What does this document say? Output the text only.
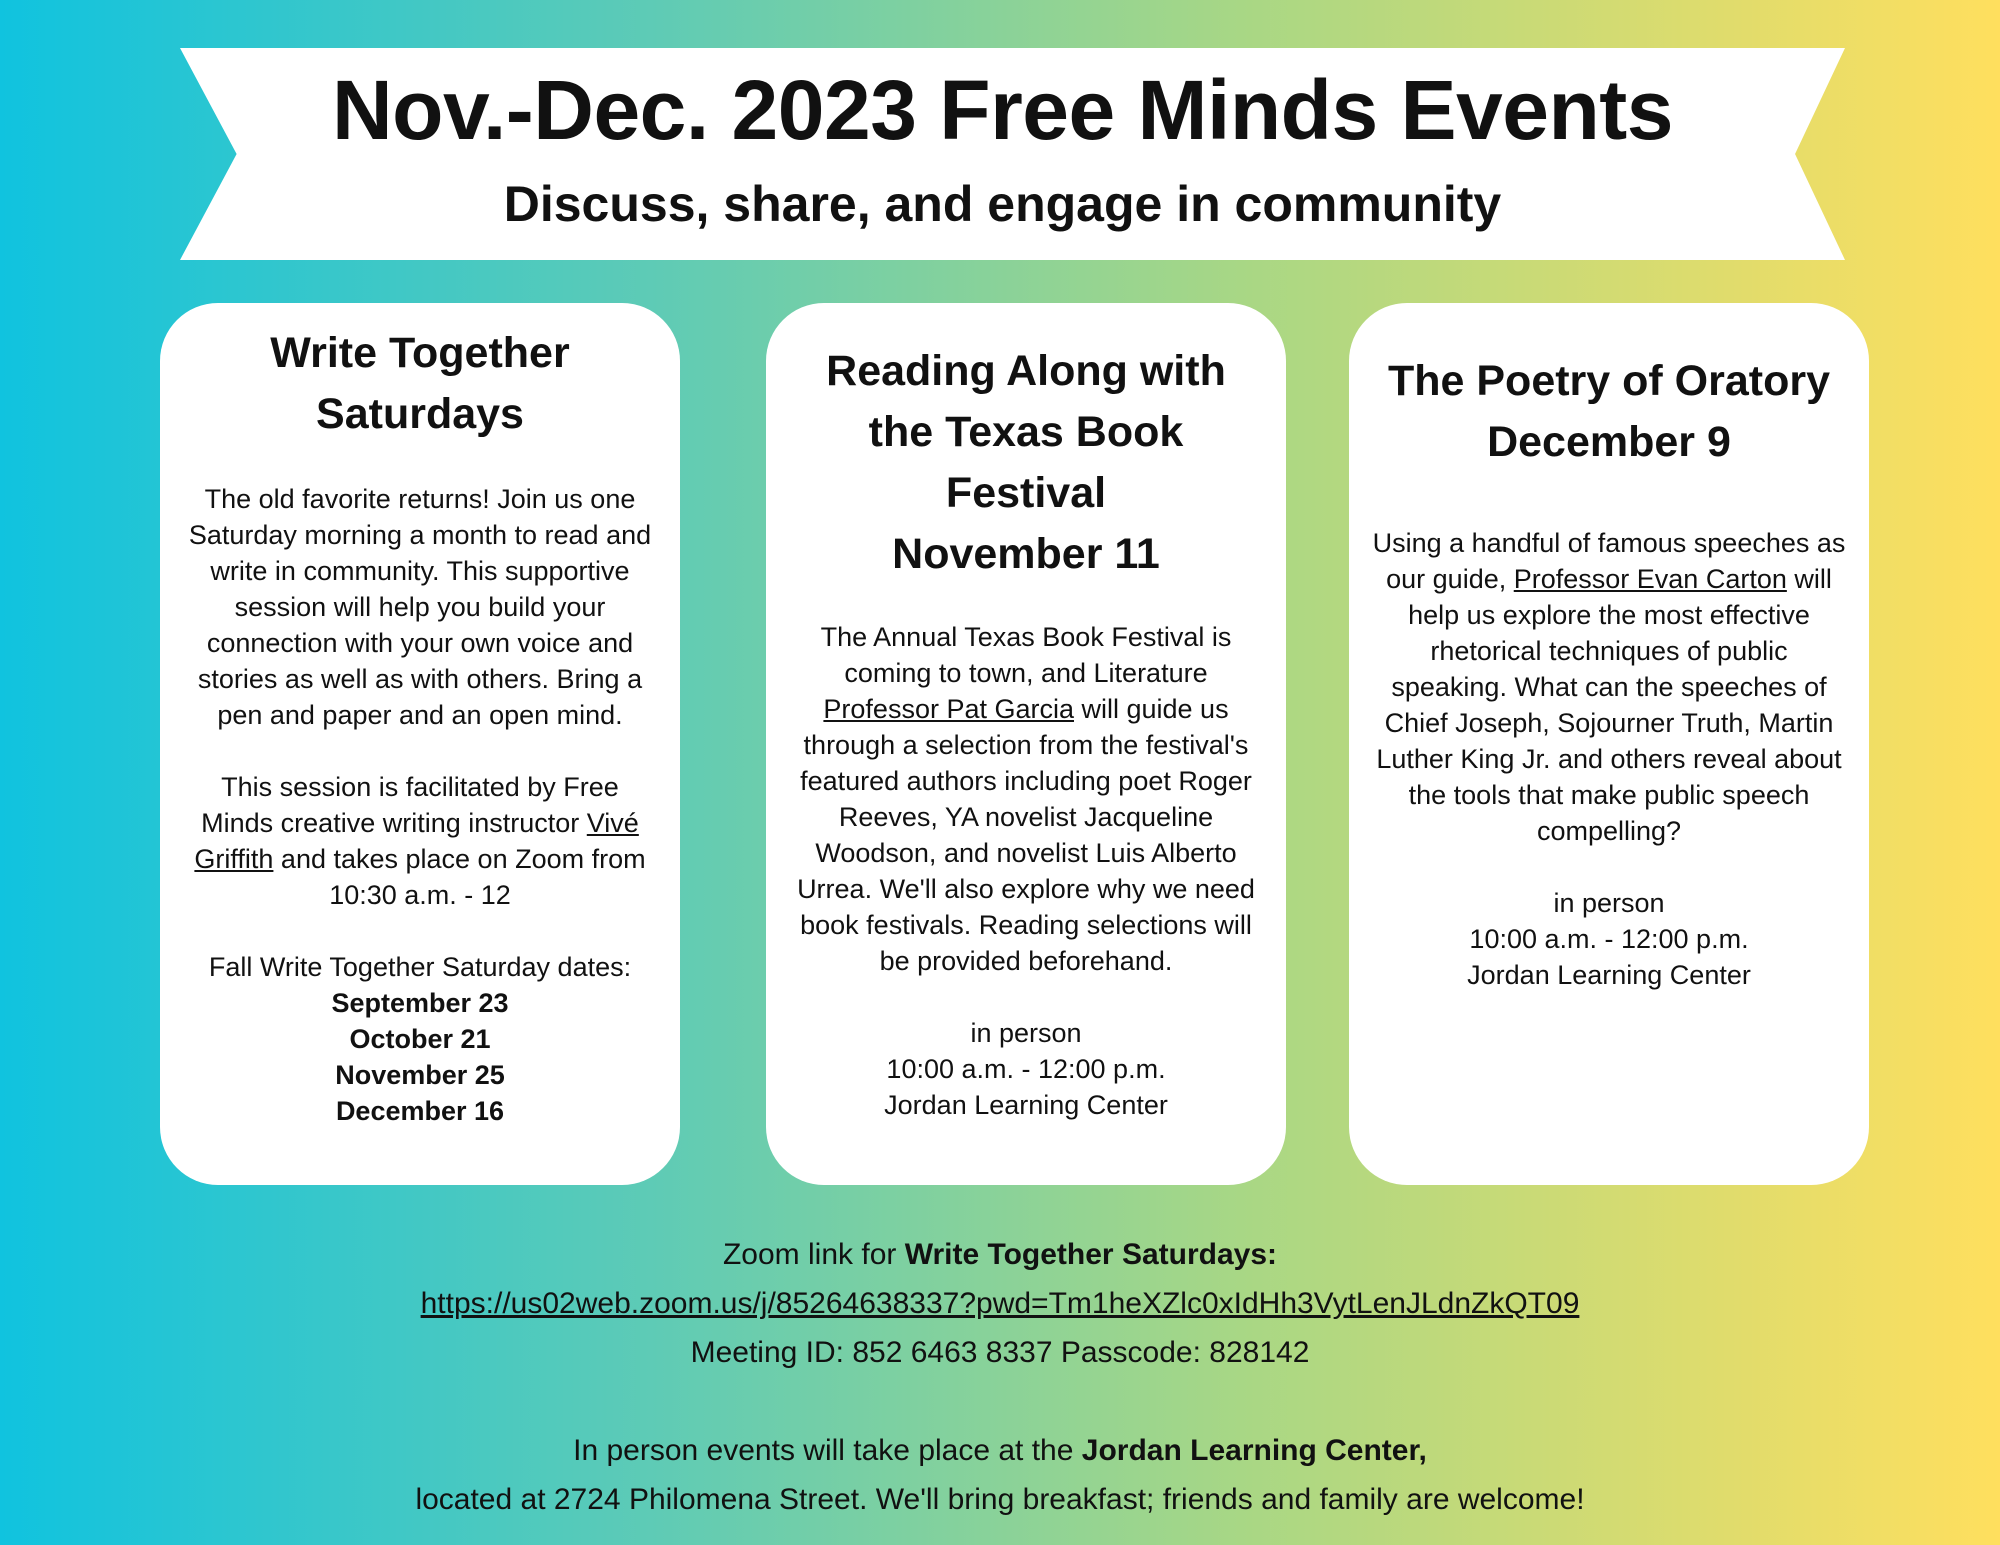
Nov.-Dec. 2023 Free Minds Events
Discuss, share, and engage in community
Write Together
Saturdays

The old favorite returns! Join us one Saturday morning a month to read and write in community. This supportive session will help you build your connection with your own voice and stories as well as with others. Bring a pen and paper and an open mind.

This session is facilitated by Free Minds creative writing instructor Vivé Griffith and takes place on Zoom from 10:30 a.m. - 12

Fall Write Together Saturday dates:

September 23

October 21

November 25

December 16

Reading Along with
the Texas Book
Festival
November 11

The Annual Texas Book Festival is coming to town, and Literature Professor Pat Garcia will guide us through a selection from the festival's featured authors including poet Roger Reeves, YA novelist Jacqueline Woodson, and novelist Luis Alberto Urrea. We'll also explore why we need book festivals. Reading selections will be provided beforehand.

in person

10:00 a.m. - 12:00 p.m.

Jordan Learning Center

The Poetry of Oratory
December 9

Using a handful of famous speeches as our guide, Professor Evan Carton will help us explore the most effective rhetorical techniques of public speaking. What can the speeches of Chief Joseph, Sojourner Truth, Martin Luther King Jr. and others reveal about the tools that make public speech compelling?

in person

10:00 a.m. - 12:00 p.m.

Jordan Learning Center

Zoom link for Write Together Saturdays:

https://us02web.zoom.us/j/85264638337?pwd=Tm1heXZlc0xIdHh3VytLenJLdnZkQT09

Meeting ID: 852 6463 8337 Passcode: 828142

In person events will take place at the Jordan Learning Center,

located at 2724 Philomena Street. We'll bring breakfast; friends and family are welcome!
